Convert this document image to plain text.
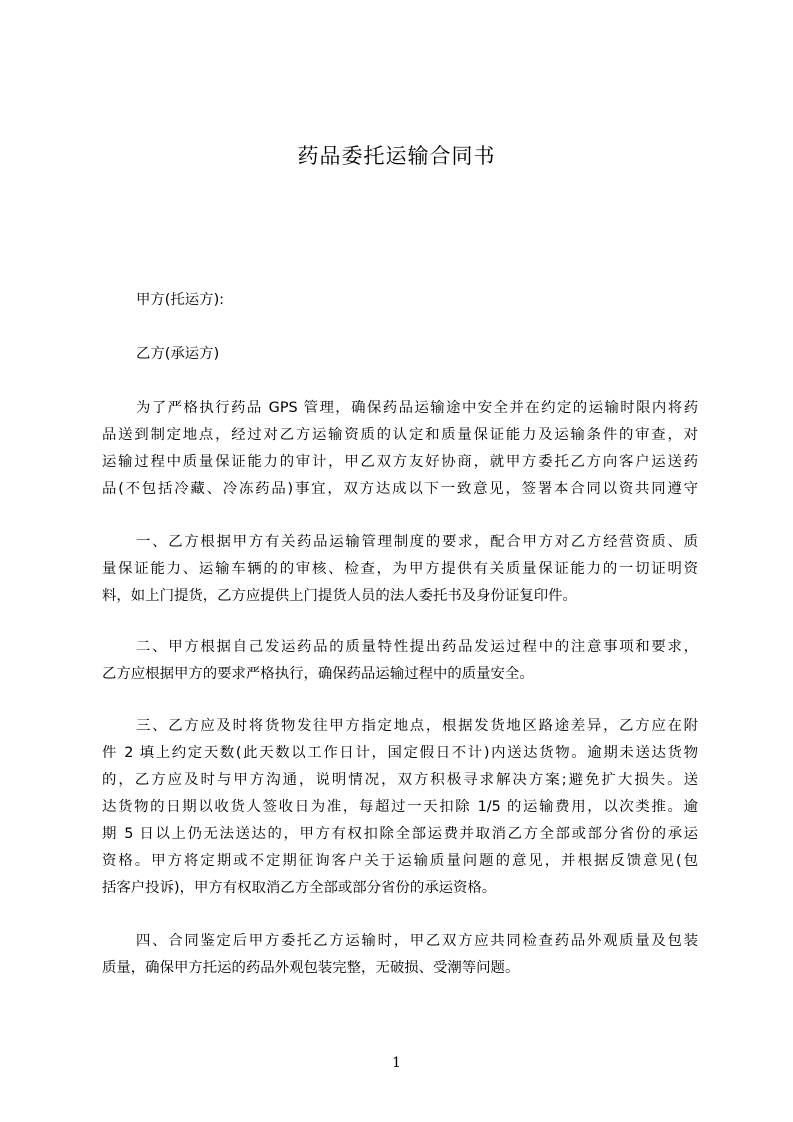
药品委托运输合同书
甲方(托运方):
乙方(承运方)
为了严格执行药品 GPS 管理，确保药品运输途中安全并在约定的运输时限内将药
品送到制定地点，经过对乙方运输资质的认定和质量保证能力及运输条件的审查，对
运输过程中质量保证能力的审计，甲乙双方友好协商，就甲方委托乙方向客户运送药
品(不包括冷藏、冷冻药品)事宜，双方达成以下一致意见，签署本合同以资共同遵守
一、乙方根据甲方有关药品运输管理制度的要求，配合甲方对乙方经营资质、质
量保证能力、运输车辆的的审核、检查，为甲方提供有关质量保证能力的一切证明资
料，如上门提货，乙方应提供上门提货人员的法人委托书及身份证复印件。
二、甲方根据自己发运药品的质量特性提出药品发运过程中的注意事项和要求，
乙方应根据甲方的要求严格执行，确保药品运输过程中的质量安全。
三、乙方应及时将货物发往甲方指定地点，根据发货地区路途差异，乙方应在附
件 2 填上约定天数(此天数以工作日计，国定假日不计)内送达货物。逾期未送达货物
的，乙方应及时与甲方沟通，说明情况，双方积极寻求解决方案;避免扩大损失。送
达货物的日期以收货人签收日为准，每超过一天扣除 1/5 的运输费用，以次类推。逾
期 5 日以上仍无法送达的，甲方有权扣除全部运费并取消乙方全部或部分省份的承运
资格。甲方将定期或不定期征询客户关于运输质量问题的意见，并根据反馈意见(包
括客户投诉)，甲方有权取消乙方全部或部分省份的承运资格。
四、合同鉴定后甲方委托乙方运输时，甲乙双方应共同检查药品外观质量及包装
质量，确保甲方托运的药品外观包装完整，无破损、受潮等问题。
1
